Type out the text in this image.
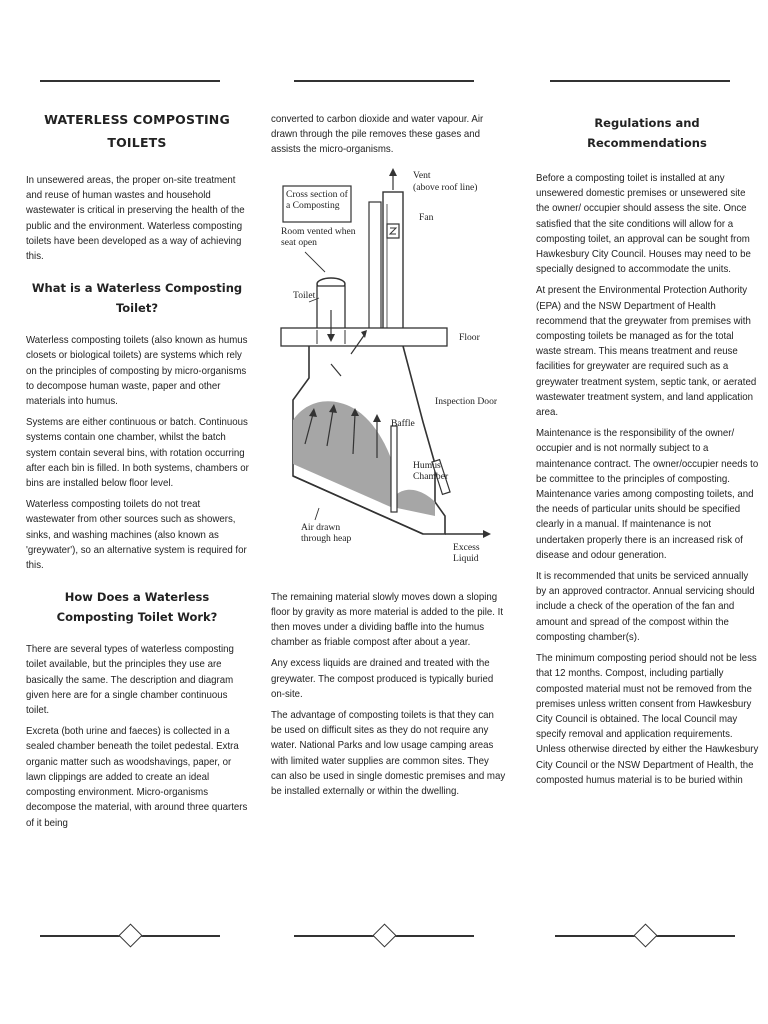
WATERLESS COMPOSTING TOILETS

In unsewered areas, the proper on-site treatment and reuse of human wastes and household wastewater is critical in preserving the health of the public and the environment. Waterless composting toilets have been developed as a way of achieving this.

What is a Waterless Composting Toilet?

Waterless composting toilets (also known as humus closets or biological toilets) are systems which rely on the principles of composting by micro-organisms to decompose human waste, paper and other materials into humus.

Systems are either continuous or batch. Continuous systems contain one chamber, whilst the batch system contain several bins, with rotation occurring after each bin is filled. In both systems, chambers or bins are installed below floor level.

Waterless composting toilets do not treat wastewater from other sources such as showers, sinks, and washing machines (also known as 'greywater'), so an alternative system is required for this.

How Does a Waterless Composting Toilet Work?

There are several types of waterless composting toilet available, but the principles they use are basically the same. The description and diagram given here are for a single chamber continuous toilet.

Excreta (both urine and faeces) is collected in a sealed chamber beneath the toilet pedestal. Extra organic matter such as woodshavings, paper, or lawn clippings are added to create an ideal composting environment. Micro-organisms decompose the material, with around three quarters of it being

converted to carbon dioxide and water vapour. Air drawn through the pile removes these gases and assists the micro-organisms.

Cross section of a Composting
Vent
(above roof line)
Fan
Room vented when seat open
Toilet
Floor
Inspection Door
Baffle
Humus Chamber
Air drawn through heap
Excess Liquid

The remaining material slowly moves down a sloping floor by gravity as more material is added to the pile. It then moves under a dividing baffle into the humus chamber as friable compost after about a year.

Any excess liquids are drained and treated with the greywater. The compost produced is typically buried on-site.

The advantage of composting toilets is that they can be used on difficult sites as they do not require any water. National Parks and low usage camping areas with limited water supplies are common sites. They can also be used in single domestic premises and may be installed externally or within the dwelling.

Regulations and Recommendations

Before a composting toilet is installed at any unsewered domestic premises or unsewered site the owner/ occupier should assess the site. Once satisfied that the site conditions will allow for a composting toilet, an approval can be sought from Hawkesbury City Council. Houses may need to be specially designed to accommodate the units.

At present the Environmental Protection Authority (EPA) and the NSW Department of Health recommend that the greywater from premises with composting toilets be managed as for the total waste stream. This means treatment and reuse facilities for greywater are required such as a greywater treatment system, septic tank, or aerated wastewater treatment system, and land application area.

Maintenance is the responsibility of the owner/ occupier and is not normally subject to a maintenance contract. The owner/occupier needs to be committee to the principles of composting. Maintenance varies among composting toilets, and the needs of particular units should be specified clearly in a manual. If maintenance is not undertaken properly there is an increased risk of disease and odour generation.

It is recommended that units be serviced annually by an approved contractor. Annual servicing should include a check of the operation of the fan and amount and spread of the compost within the composting chamber(s).

The minimum composting period should not be less that 12 months. Compost, including partially composted material must not be removed from the premises unless written consent from Hawkesbury City Council is obtained. The local Council may specify removal and application requirements. Unless otherwise directed by either the Hawkesbury City Council or the NSW Department of Health, the composted humus material is to be buried within
